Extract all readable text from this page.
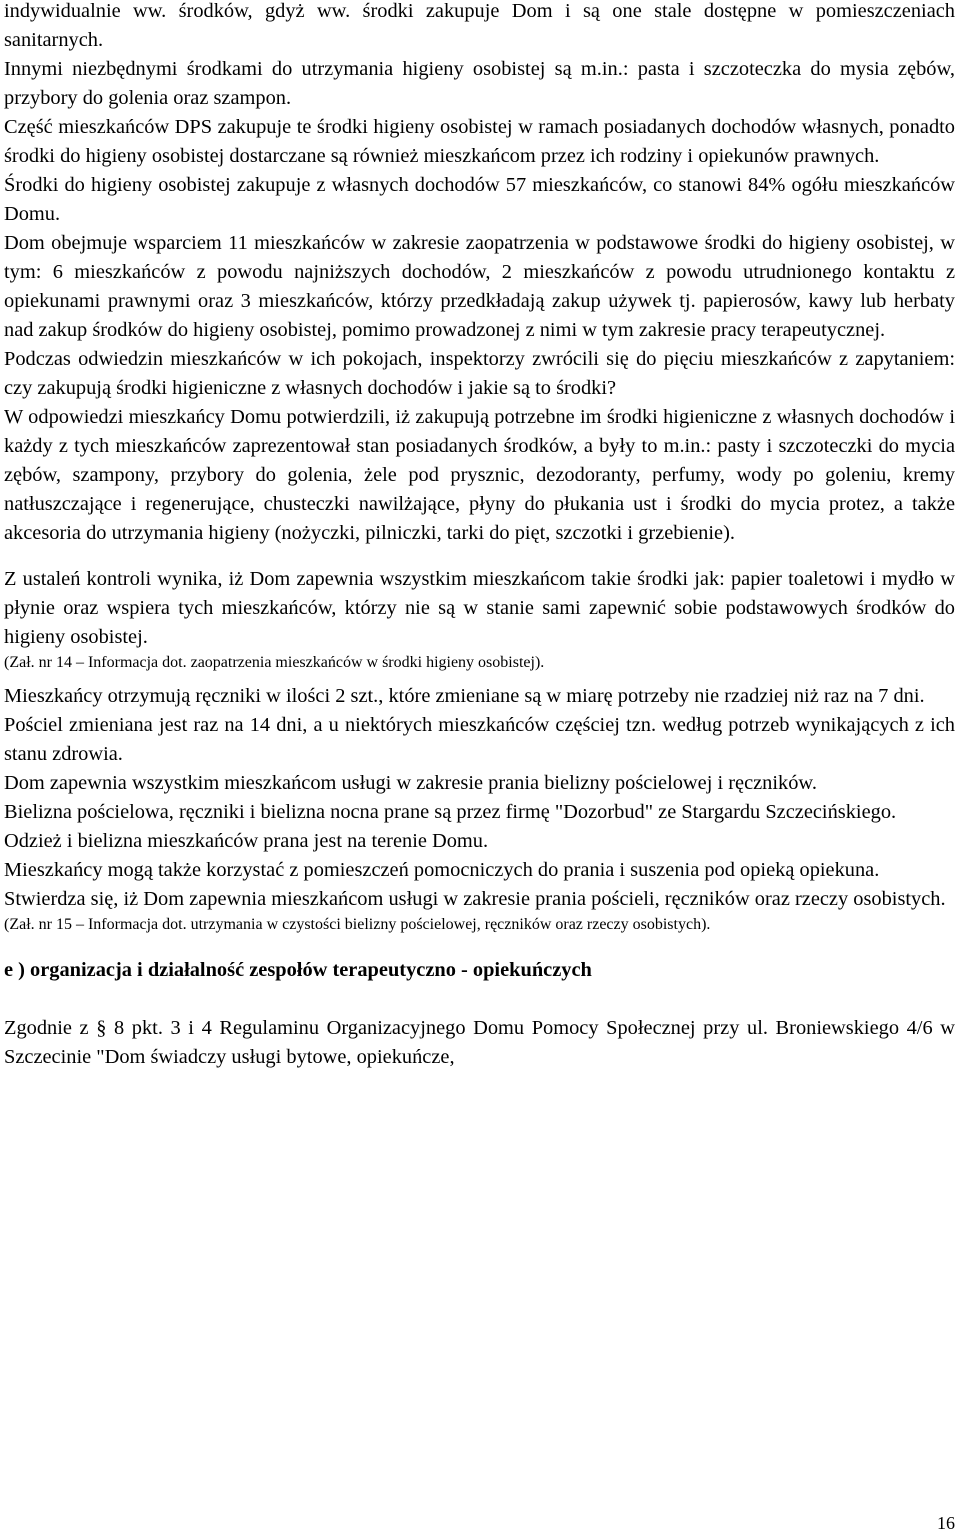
indywidualnie ww. środków, gdyż ww. środki zakupuje Dom i są one stale dostępne w pomieszczeniach sanitarnych.

Innymi niezbędnymi środkami do utrzymania higieny osobistej są m.in.: pasta i szczoteczka do mysia zębów, przybory do golenia oraz szampon.

Część mieszkańców DPS zakupuje te środki higieny osobistej w ramach posiadanych dochodów własnych, ponadto środki do higieny osobistej dostarczane są również mieszkańcom przez ich rodziny i opiekunów prawnych.

Środki do higieny osobistej zakupuje z własnych dochodów 57 mieszkańców, co stanowi 84% ogółu mieszkańców Domu.

Dom obejmuje wsparciem 11 mieszkańców w zakresie zaopatrzenia w podstawowe środki do higieny osobistej, w tym: 6 mieszkańców z powodu najniższych dochodów, 2 mieszkańców z powodu utrudnionego kontaktu z opiekunami prawnymi oraz 3 mieszkańców, którzy przedkładają zakup używek tj. papierosów, kawy lub herbaty nad zakup środków do higieny osobistej, pomimo prowadzonej z nimi w tym zakresie pracy terapeutycznej.

Podczas odwiedzin mieszkańców w ich pokojach, inspektorzy zwrócili się do pięciu mieszkańców z zapytaniem: czy zakupują środki higieniczne z własnych dochodów i jakie są to środki?

W odpowiedzi mieszkańcy Domu potwierdzili, iż zakupują potrzebne im środki higieniczne z własnych dochodów i każdy z tych mieszkańców zaprezentował stan posiadanych środków, a były to m.in.: pasty i szczoteczki do mycia zębów, szampony, przybory do golenia, żele pod prysznic, dezodoranty, perfumy, wody po goleniu, kremy natłuszczające i regenerujące, chusteczki nawilżające, płyny do płukania ust i środki do mycia protez, a także akcesoria do utrzymania higieny (nożyczki, pilniczki, tarki do pięt, szczotki i grzebienie).

Z ustaleń kontroli wynika, iż Dom zapewnia wszystkim mieszkańcom takie środki jak: papier toaletowi i mydło w płynie oraz wspiera tych mieszkańców, którzy nie są w stanie sami zapewnić sobie podstawowych środków do higieny osobistej.

(Zał. nr 14 – Informacja dot. zaopatrzenia mieszkańców w środki higieny osobistej).

Mieszkańcy otrzymują ręczniki w ilości 2 szt., które zmieniane są w miarę potrzeby nie rzadziej niż raz na 7 dni.

Pościel zmieniana jest raz na 14 dni, a u niektórych mieszkańców częściej tzn. według potrzeb wynikających z ich stanu zdrowia.

Dom zapewnia wszystkim mieszkańcom usługi w zakresie prania bielizny pościelowej i ręczników.

Bielizna pościelowa, ręczniki i bielizna nocna prane są przez firmę "Dozorbud" ze Stargardu Szczecińskiego.

Odzież i bielizna mieszkańców prana jest na terenie Domu.

Mieszkańcy mogą także korzystać z pomieszczeń pomocniczych do prania i suszenia pod opieką opiekuna.

Stwierdza się, iż Dom zapewnia mieszkańcom usługi w zakresie prania pościeli, ręczników oraz rzeczy osobistych.

(Zał. nr 15 – Informacja dot. utrzymania w czystości bielizny pościelowej, ręczników oraz rzeczy osobistych).

e ) organizacja i działalność zespołów terapeutyczno - opiekuńczych

Zgodnie z § 8 pkt. 3 i 4 Regulaminu Organizacyjnego Domu Pomocy Społecznej przy ul. Broniewskiego 4/6 w Szczecinie "Dom świadczy usługi bytowe, opiekuńcze,

16
